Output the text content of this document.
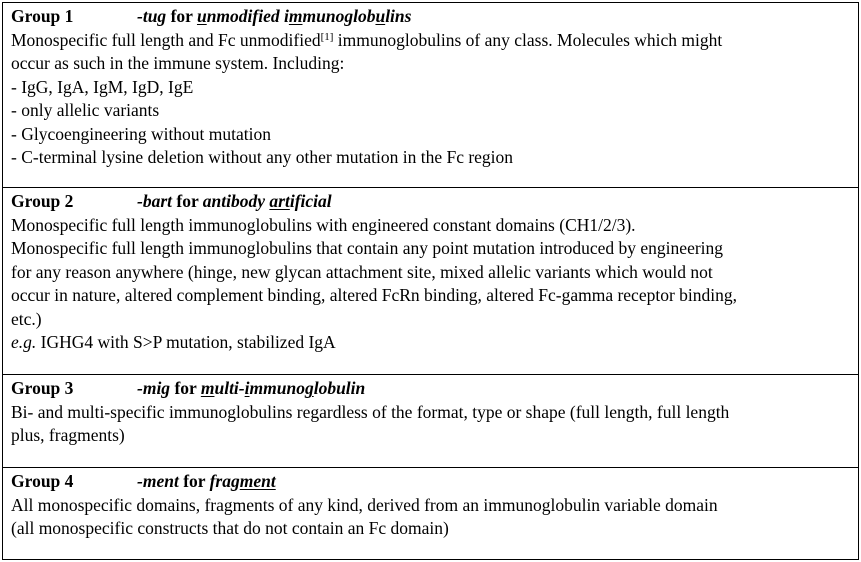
Group 1	-tug for unmodified immunoglobulins
Monospecific full length and Fc unmodified[1] immunoglobulins of any class. Molecules which might
occur as such in the immune system. Including:
- IgG, IgA, IgM, IgD, IgE
- only allelic variants
- Glycoengineering without mutation
- C-terminal lysine deletion without any other mutation in the Fc region
Group 2	-bart for antibody artificial
Monospecific full length immunoglobulins with engineered constant domains (CH1/2/3).
Monospecific full length immunoglobulins that contain any point mutation introduced by engineering
for any reason anywhere (hinge, new glycan attachment site, mixed allelic variants which would not
occur in nature, altered complement binding, altered FcRn binding, altered Fc-gamma receptor binding,
etc.)
e.g. IGHG4 with S>P mutation, stabilized IgA
Group 3	-mig for multi-immunoglobulin
Bi- and multi-specific immunoglobulins regardless of the format, type or shape (full length, full length
plus, fragments)
Group 4	-ment for fragment
All monospecific domains, fragments of any kind, derived from an immunoglobulin variable domain
(all monospecific constructs that do not contain an Fc domain)
